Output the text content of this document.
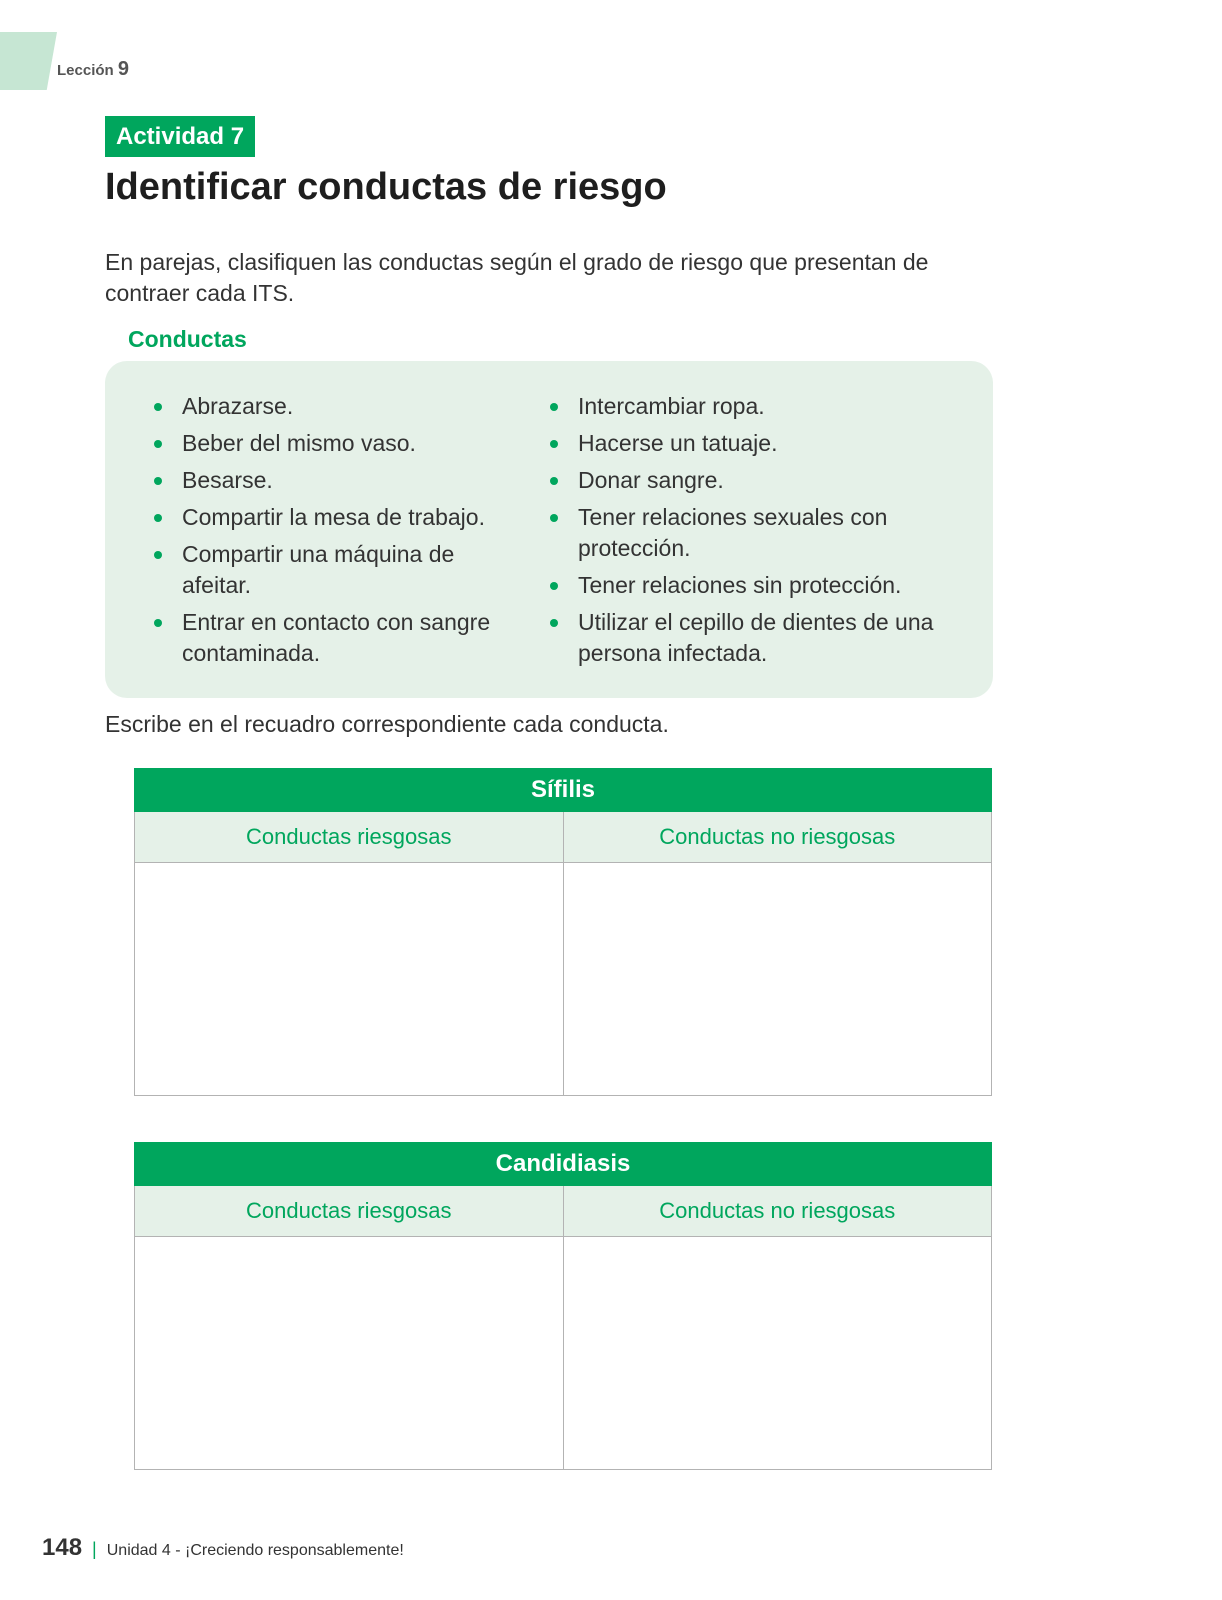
Lección 9
Actividad 7
Identificar conductas de riesgo

En parejas, clasifiquen las conductas según el grado de riesgo que presentan de contraer cada ITS.

Conductas
Abrazarse.
Beber del mismo vaso.
Besarse.
Compartir la mesa de trabajo.
Compartir una máquina de afeitar.
Entrar en contacto con sangre contaminada.
Intercambiar ropa.
Hacerse un tatuaje.
Donar sangre.
Tener relaciones sexuales con protección.
Tener relaciones sin protección.
Utilizar el cepillo de dientes de una persona infectada.

Escribe en el recuadro correspondiente cada conducta.

Sífilis	
Conductas riesgosas	Conductas no riesgosas

Candidiasis	
Conductas riesgosas	Conductas no riesgosas

148 | Unidad 4 - ¡Creciendo responsablemente!
